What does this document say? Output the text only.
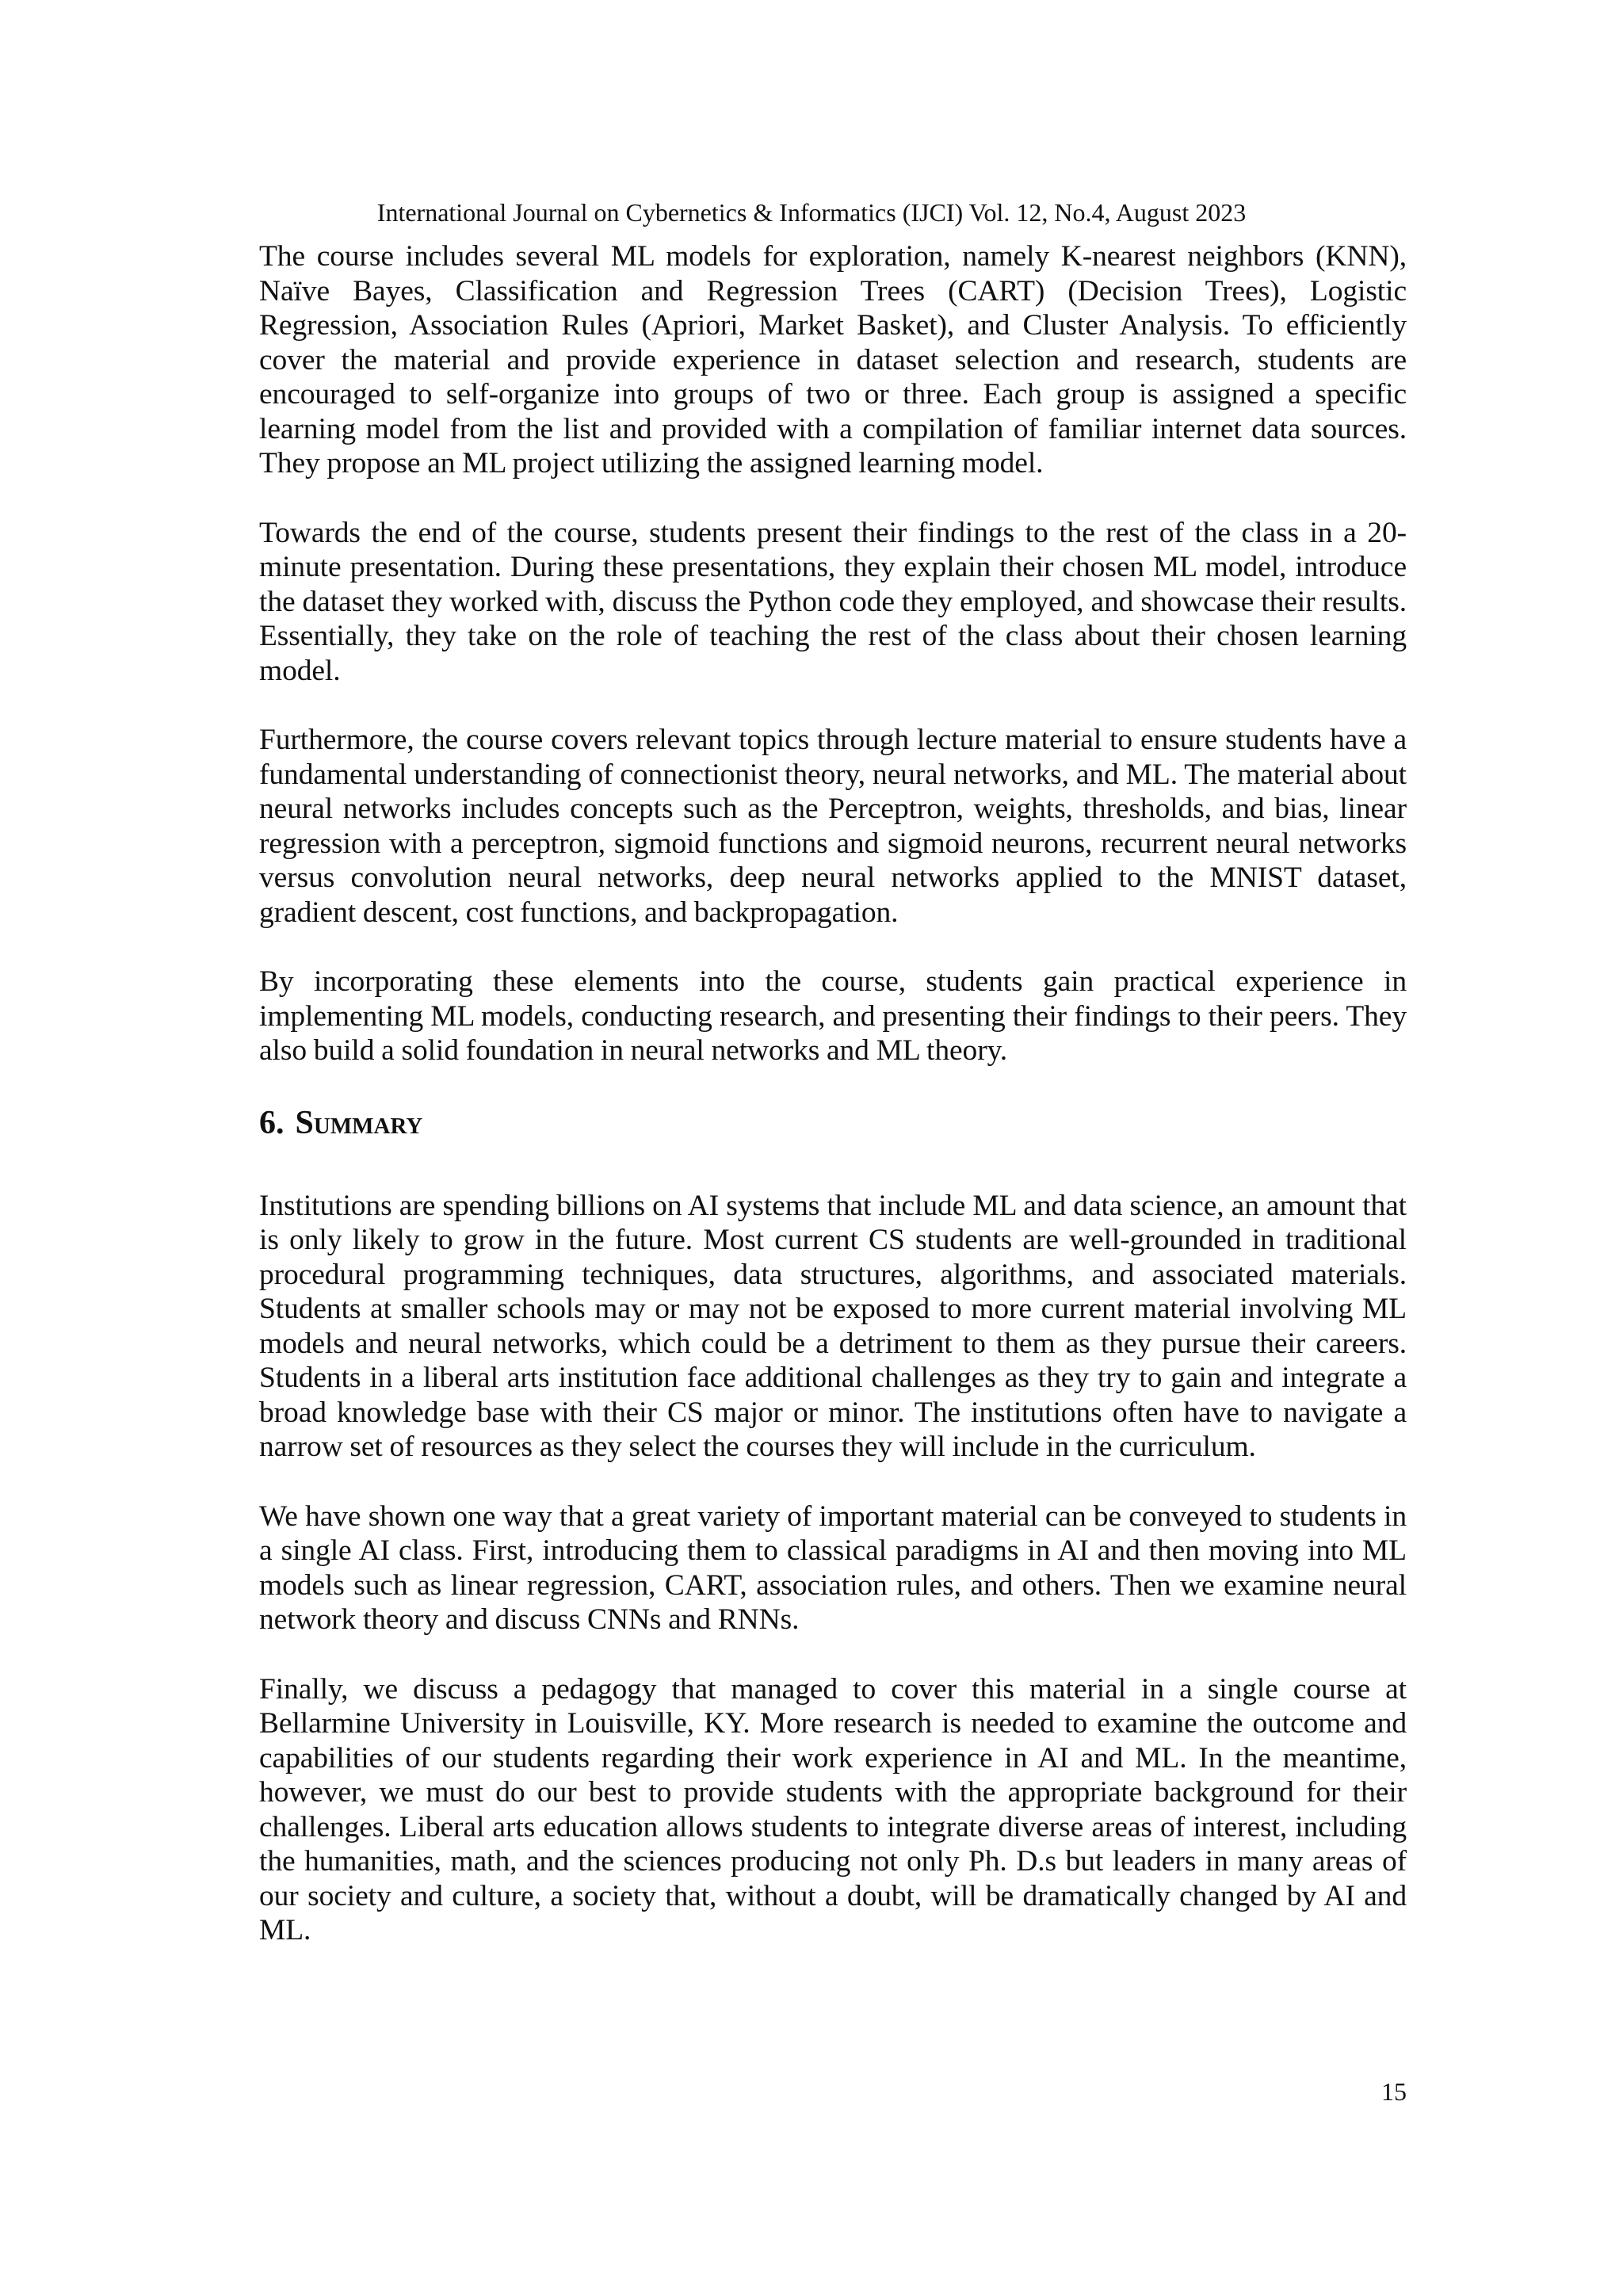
International Journal on Cybernetics & Informatics (IJCI) Vol. 12, No.4, August 2023

The course includes several ML models for exploration, namely K-nearest neighbors (KNN), Naïve Bayes, Classification and Regression Trees (CART) (Decision Trees), Logistic Regression, Association Rules (Apriori, Market Basket), and Cluster Analysis. To efficiently cover the material and provide experience in dataset selection and research, students are encouraged to self-organize into groups of two or three. Each group is assigned a specific learning model from the list and provided with a compilation of familiar internet data sources. They propose an ML project utilizing the assigned learning model.

Towards the end of the course, students present their findings to the rest of the class in a 20-minute presentation. During these presentations, they explain their chosen ML model, introduce the dataset they worked with, discuss the Python code they employed, and showcase their results. Essentially, they take on the role of teaching the rest of the class about their chosen learning model.

Furthermore, the course covers relevant topics through lecture material to ensure students have a fundamental understanding of connectionist theory, neural networks, and ML. The material about neural networks includes concepts such as the Perceptron, weights, thresholds, and bias, linear regression with a perceptron, sigmoid functions and sigmoid neurons, recurrent neural networks versus convolution neural networks, deep neural networks applied to the MNIST dataset, gradient descent, cost functions, and backpropagation.

By incorporating these elements into the course, students gain practical experience in implementing ML models, conducting research, and presenting their findings to their peers. They also build a solid foundation in neural networks and ML theory.

6. Summary

Institutions are spending billions on AI systems that include ML and data science, an amount that is only likely to grow in the future. Most current CS students are well-grounded in traditional procedural programming techniques, data structures, algorithms, and associated materials. Students at smaller schools may or may not be exposed to more current material involving ML models and neural networks, which could be a detriment to them as they pursue their careers. Students in a liberal arts institution face additional challenges as they try to gain and integrate a broad knowledge base with their CS major or minor. The institutions often have to navigate a narrow set of resources as they select the courses they will include in the curriculum.

We have shown one way that a great variety of important material can be conveyed to students in a single AI class. First, introducing them to classical paradigms in AI and then moving into ML models such as linear regression, CART, association rules, and others. Then we examine neural network theory and discuss CNNs and RNNs.

Finally, we discuss a pedagogy that managed to cover this material in a single course at Bellarmine University in Louisville, KY. More research is needed to examine the outcome and capabilities of our students regarding their work experience in AI and ML. In the meantime, however, we must do our best to provide students with the appropriate background for their challenges. Liberal arts education allows students to integrate diverse areas of interest, including the humanities, math, and the sciences producing not only Ph. D.s but leaders in many areas of our society and culture, a society that, without a doubt, will be dramatically changed by AI and ML.

15
